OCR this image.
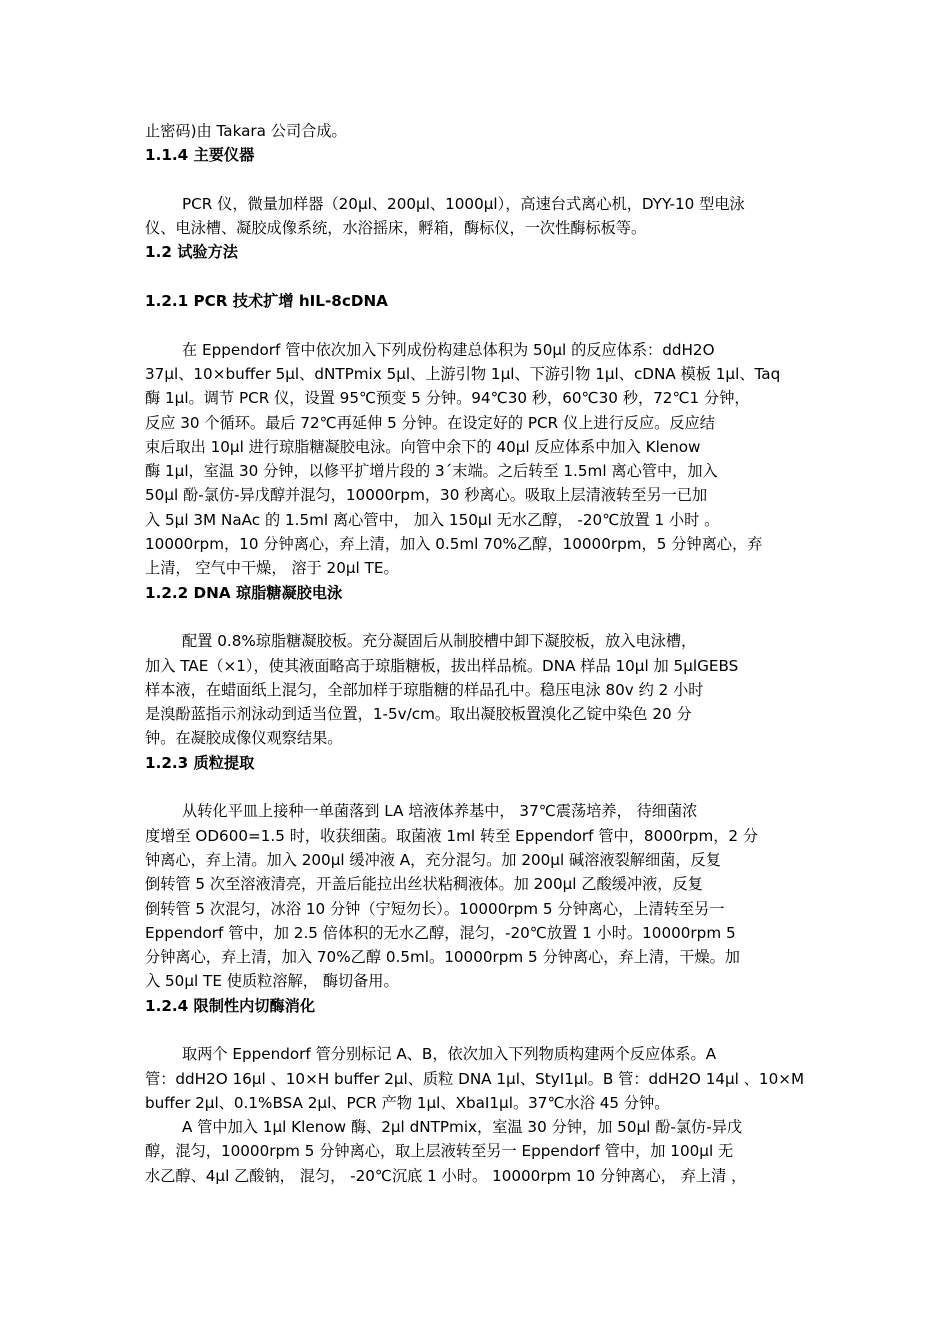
止密码)由 Takara 公司合成。
1.1.4 主要仪器
PCR 仪，微量加样器（20μl、200μl、1000μl），高速台式离心机，DYY-10 型电泳
仪、电泳槽、凝胶成像系统，水浴摇床，孵箱，酶标仪，一次性酶标板等。
1.2 试验方法
1.2.1 PCR 技术扩增 hIL-8cDNA
在 Eppendorf 管中依次加入下列成份构建总体积为 50μl 的反应体系：ddH2O
37μl、10×buffer 5μl、dNTPmix 5μl、上游引物 1μl、下游引物 1μl、cDNA 模板 1μl、Taq
酶 1μl。调节 PCR 仪，设置 95℃预变 5 分钟。94℃30 秒，60℃30 秒，72℃1 分钟，
反应 30 个循环。最后 72℃再延伸 5 分钟。在设定好的 PCR 仪上进行反应。反应结
束后取出 10μl 进行琼脂糖凝胶电泳。向管中余下的 40μl 反应体系中加入 Klenow
酶 1μl，室温 30 分钟，以修平扩增片段的 3´末端。之后转至 1.5ml 离心管中，加入
50μl 酚-氯仿-异戊醇并混匀，10000rpm，30 秒离心。吸取上层清液转至另一已加
入 5μl 3M NaAc 的 1.5ml 离心管中， 加入 150μl 无水乙醇， -20℃放置 1 小时 。
10000rpm，10 分钟离心，弃上清，加入 0.5ml 70%乙醇，10000rpm，5 分钟离心，弃
上清， 空气中干燥， 溶于 20μl TE。
1.2.2 DNA 琼脂糖凝胶电泳
配置 0.8%琼脂糖凝胶板。充分凝固后从制胶槽中卸下凝胶板，放入电泳槽，
加入 TAE（×1），使其液面略高于琼脂糖板，拔出样品梳。DNA 样品 10μl 加 5μlGEBS
样本液，在蜡面纸上混匀，全部加样于琼脂糖的样品孔中。稳压电泳 80v 约 2 小时
是溴酚蓝指示剂泳动到适当位置，1-5v/cm。取出凝胶板置溴化乙锭中染色 20 分
钟。在凝胶成像仪观察结果。
1.2.3 质粒提取
从转化平皿上接种一单菌落到 LA 培液体养基中， 37℃震荡培养， 待细菌浓
度增至 OD600=1.5 时，收获细菌。取菌液 1ml 转至 Eppendorf 管中，8000rpm，2 分
钟离心，弃上清。加入 200μl 缓冲液 A，充分混匀。加 200μl 碱溶液裂解细菌，反复
倒转管 5 次至溶液清亮，开盖后能拉出丝状粘稠液体。加 200μl 乙酸缓冲液，反复
倒转管 5 次混匀，冰浴 10 分钟（宁短勿长）。10000rpm 5 分钟离心，上清转至另一
Eppendorf 管中，加 2.5 倍体积的无水乙醇，混匀，-20℃放置 1 小时。10000rpm 5
分钟离心，弃上清，加入 70%乙醇 0.5ml。10000rpm 5 分钟离心，弃上清，干燥。加
入 50μl TE 使质粒溶解， 酶切备用。
1.2.4 限制性内切酶消化
取两个 Eppendorf 管分别标记 A、B，依次加入下列物质构建两个反应体系。A
管：ddH2O 16μl 、10×H buffer 2μl、质粒 DNA 1μl、StyI1μl。B 管：ddH2O 14μl 、10×M
buffer 2μl、0.1%BSA 2μl、PCR 产物 1μl、XbaI1μl。37℃水浴 45 分钟。
A 管中加入 1μl Klenow 酶、2μl dNTPmix，室温 30 分钟，加 50μl 酚-氯仿-异戊
醇，混匀，10000rpm 5 分钟离心，取上层液转至另一 Eppendorf 管中，加 100μl 无
水乙醇、4μl 乙酸钠， 混匀， -20℃沉底 1 小时。 10000rpm 10 分钟离心， 弃上清 ，
